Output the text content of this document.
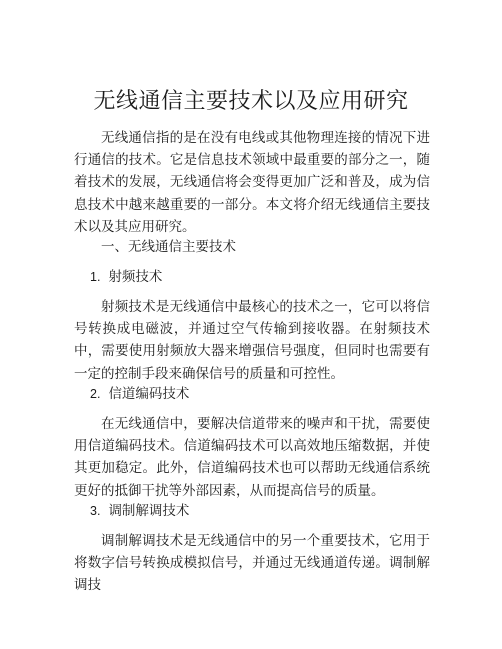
无线通信主要技术以及应用研究

无线通信指的是在没有电线或其他物理连接的情况下进行通信的技术。它是信息技术领域中最重要的部分之一，随着技术的发展，无线通信将会变得更加广泛和普及，成为信息技术中越来越重要的一部分。本文将介绍无线通信主要技术以及其应用研究。

一、无线通信主要技术

1. 射频技术

射频技术是无线通信中最核心的技术之一，它可以将信号转换成电磁波，并通过空气传输到接收器。在射频技术中，需要使用射频放大器来增强信号强度，但同时也需要有一定的控制手段来确保信号的质量和可控性。

2. 信道编码技术

在无线通信中，要解决信道带来的噪声和干扰，需要使用信道编码技术。信道编码技术可以高效地压缩数据，并使其更加稳定。此外，信道编码技术也可以帮助无线通信系统更好的抵御干扰等外部因素，从而提高信号的质量。

3. 调制解调技术

调制解调技术是无线通信中的另一个重要技术，它用于将数字信号转换成模拟信号，并通过无线通道传递。调制解调技
